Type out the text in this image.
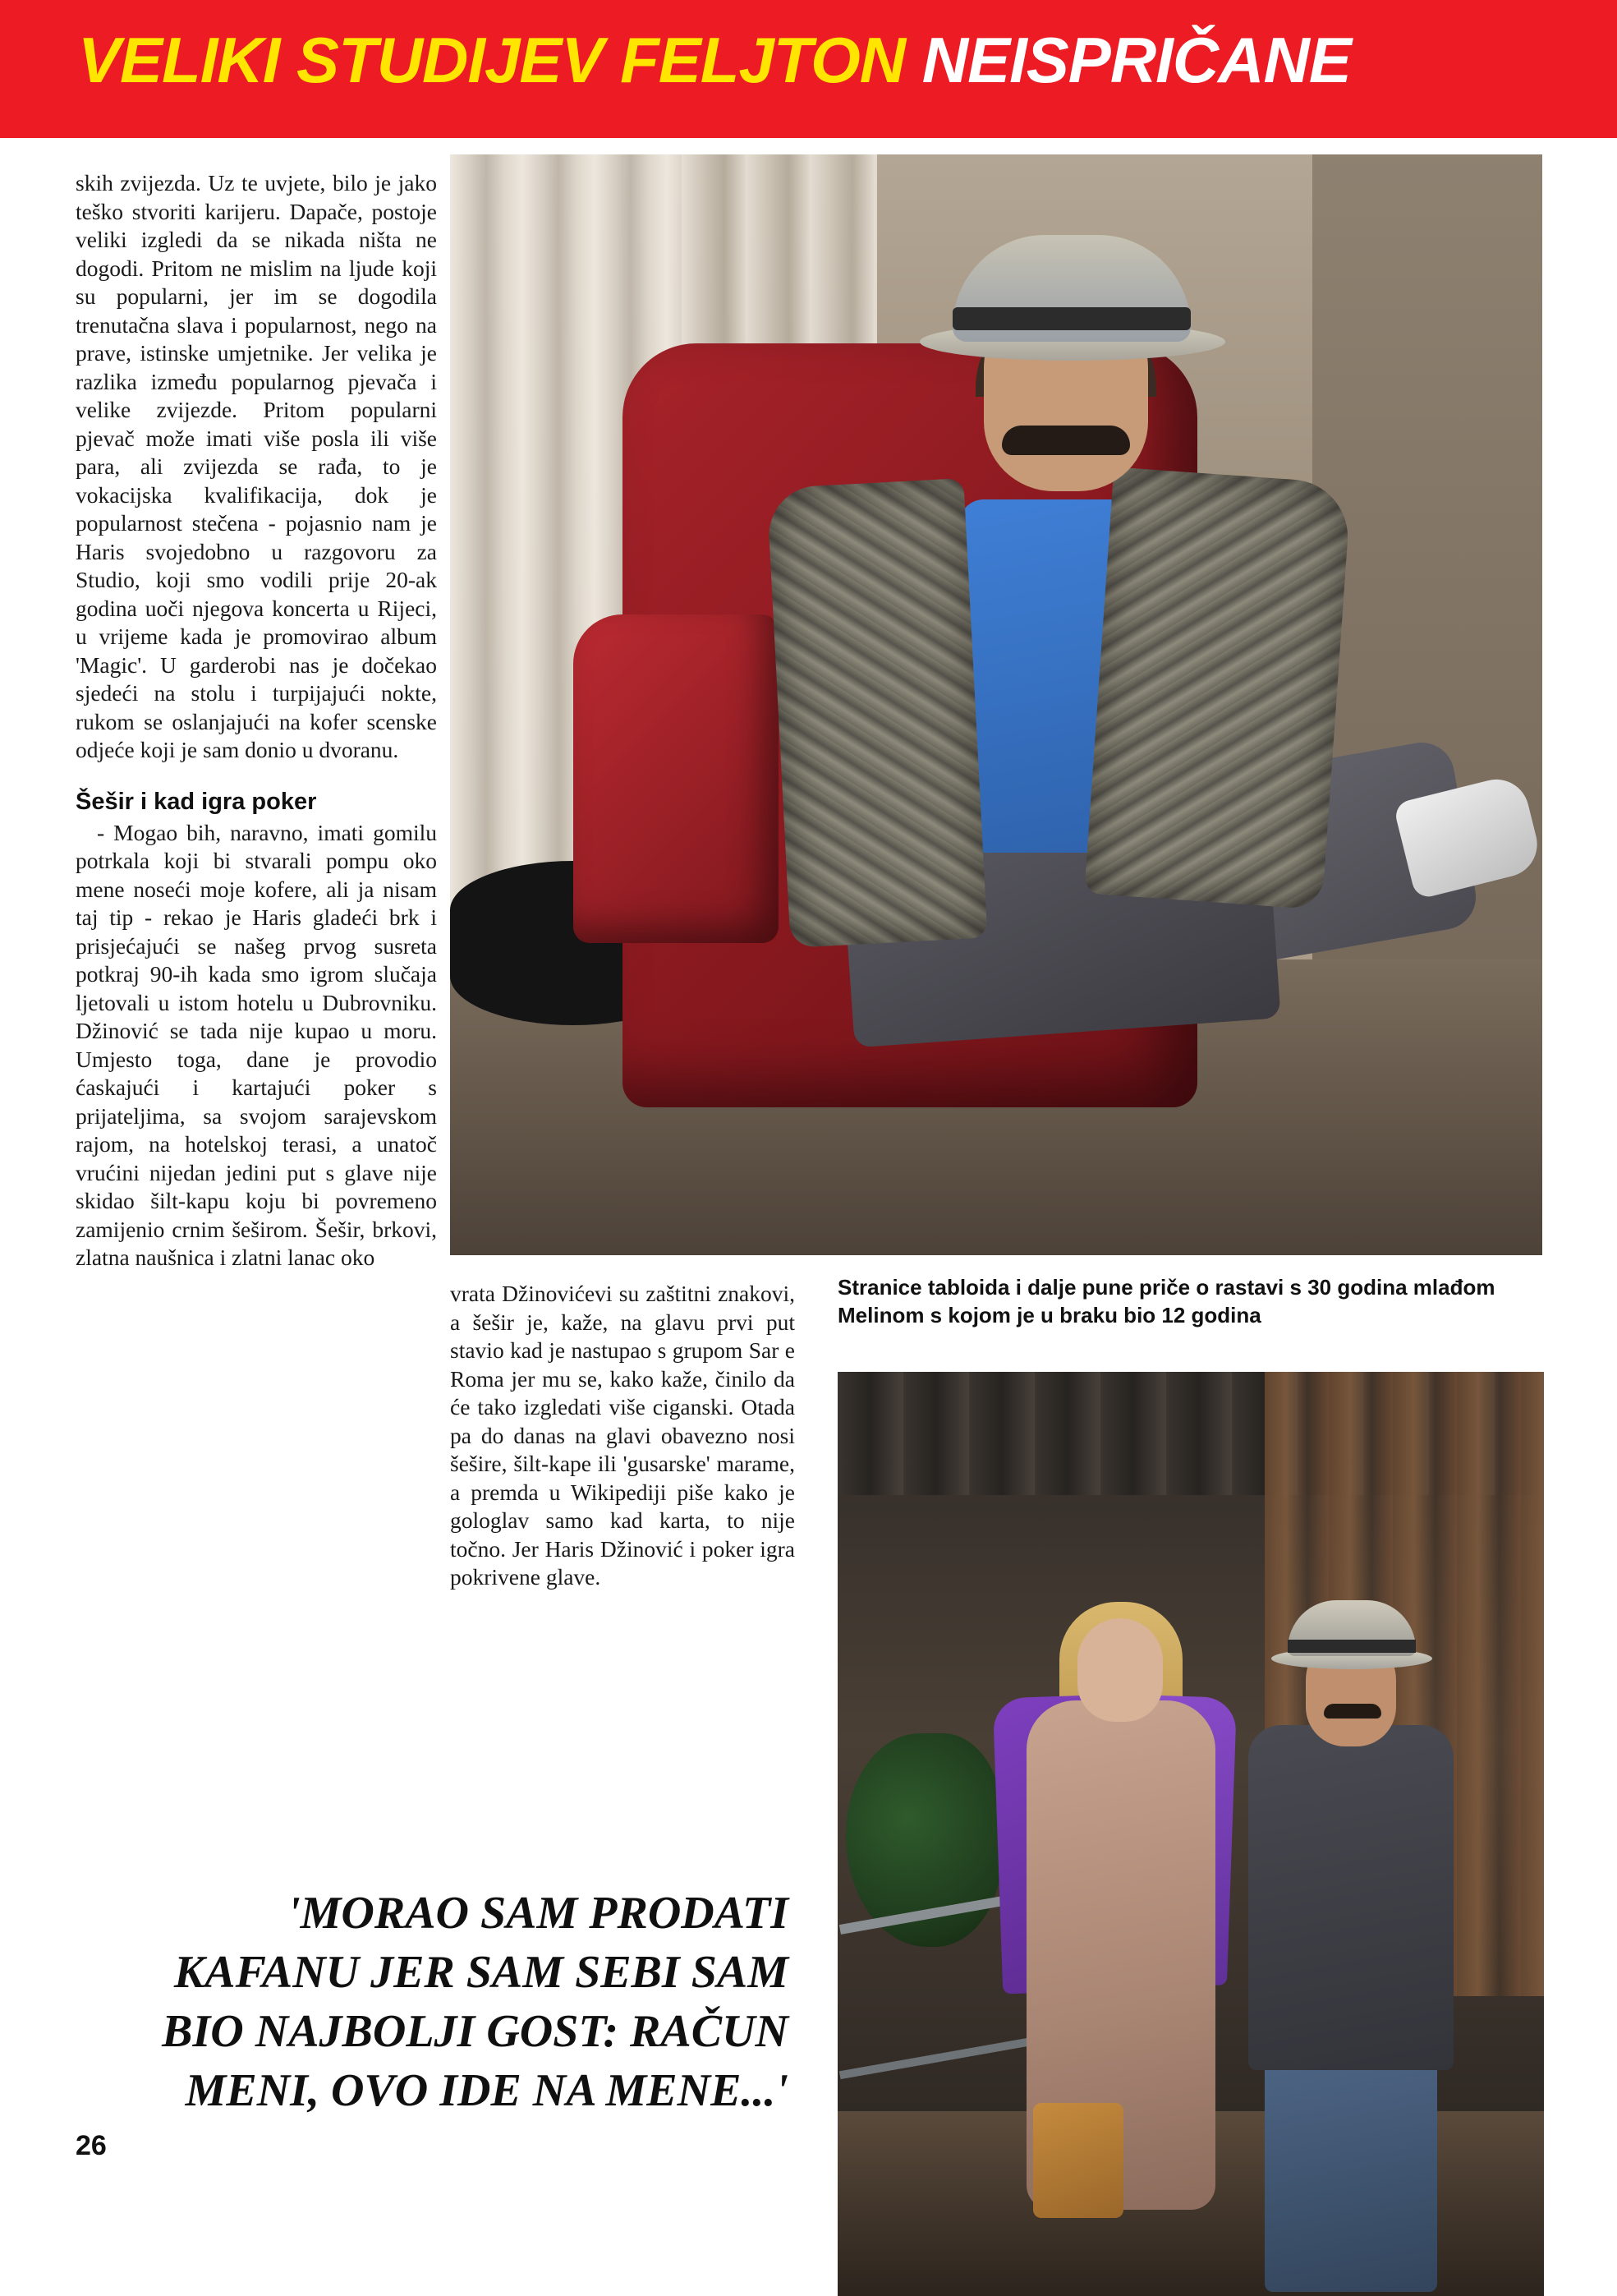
VELIKI STUDIJEV FELJTON NEISPRIČANE

skih zvijezda. Uz te uvjete, bilo je jako teško stvoriti karijeru. Dapače, postoje veliki izgledi da se nikada ništa ne dogodi. Pritom ne mislim na ljude koji su popularni, jer im se dogodila trenutačna slava i popularnost, nego na prave, istinske umjetnike. Jer velika je razlika između popularnog pjevača i velike zvijezde. Pritom popularni pjevač može imati više posla ili više para, ali zvijezda se rađa, to je vokacijska kvalifikacija, dok je popularnost stečena - pojasnio nam je Haris svojedobno u razgovoru za Studio, koji smo vodili prije 20-ak godina uoči njegova koncerta u Rijeci, u vrijeme kada je promovirao album 'Magic'. U garderobi nas je dočekao sjedeći na stolu i turpijajući nokte, rukom se oslanjajući na kofer scenske odjeće koji je sam donio u dvoranu.

Šešir i kad igra poker

- Mogao bih, naravno, imati gomilu potrkala koji bi stvarali pompu oko mene noseći moje kofere, ali ja nisam taj tip - rekao je Haris gladeći brk i prisjećajući se našeg prvog susreta potkraj 90-ih kada smo igrom slučaja ljetovali u istom hotelu u Dubrovniku. Džinović se tada nije kupao u moru. Umjesto toga, dane je provodio ćaskajući i kartajući poker s prijateljima, sa svojom sarajevskom rajom, na hotelskoj terasi, a unatoč vrućini nijedan jedini put s glave nije skidao šilt-kapu koju bi povremeno zamijenio crnim šeširom. Šešir, brkovi, zlatna naušnica i zlatni lanac oko

vrata Džinovićevi su zaštitni znakovi, a šešir je, kaže, na glavu prvi put stavio kad je nastupao s grupom Sar e Roma jer mu se, kako kaže, činilo da će tako izgledati više ciganski. Otada pa do danas na glavi obavezno nosi šešire, šilt-kape ili 'gusarske' marame, a premda u Wikipediji piše kako je gologlav samo kad karta, to nije točno. Jer Haris Džinović i poker igra pokrivene glave.

Stranice tabloida i dalje pune priče o rastavi s 30 godina mlađom Melinom s kojom je u braku bio 12 godina
'MORAO SAM PRODATI KAFANU JER SAM SEBI SAM BIO NAJBOLJI GOST: RAČUN MENI, OVO IDE NA MENE...'
26
